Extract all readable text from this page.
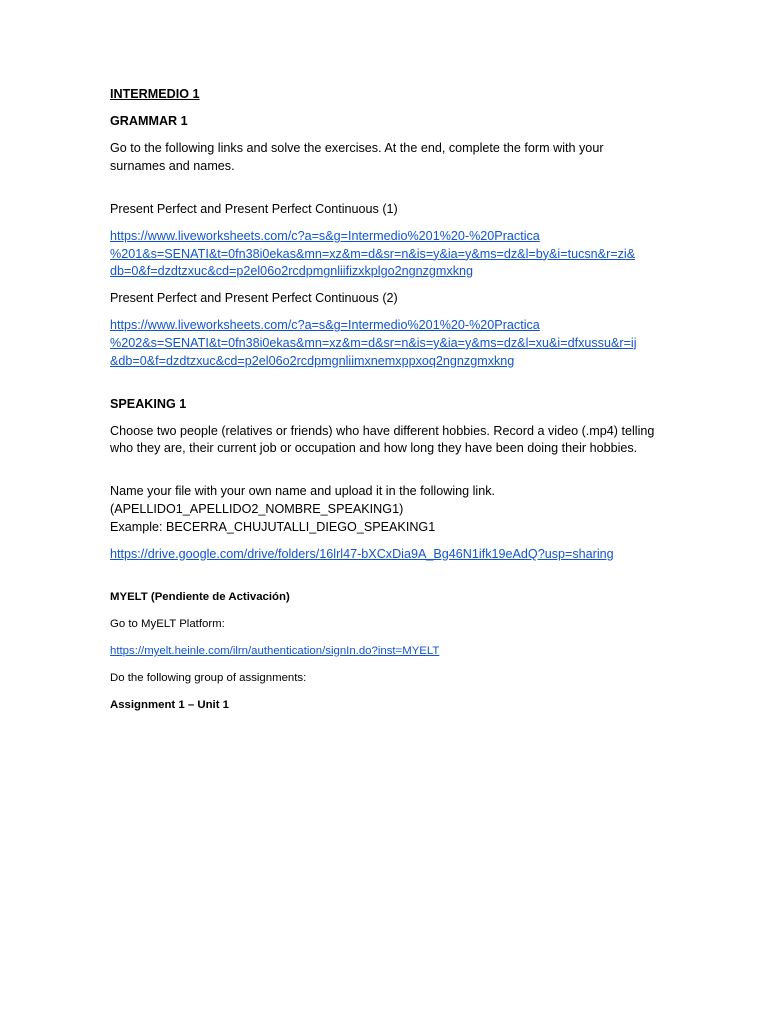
INTERMEDIO 1
GRAMMAR 1
Go to the following links and solve the exercises. At the end, complete the form with your surnames and names.
Present Perfect and Present Perfect Continuous (1)
https://www.liveworksheets.com/c?a=s&g=Intermedio%201%20-%20Practica
%201&s=SENATI&t=0fn38i0ekas&mn=xz&m=d&sr=n&is=y&ia=y&ms=dz&l=by&i=tucsn&r=zi&
db=0&f=dzdtzxuc&cd=p2el06o2rcdpmgnliifizxkplgo2ngnzgmxkng
Present Perfect and Present Perfect Continuous (2)
https://www.liveworksheets.com/c?a=s&g=Intermedio%201%20-%20Practica
%202&s=SENATI&t=0fn38i0ekas&mn=xz&m=d&sr=n&is=y&ia=y&ms=dz&l=xu&i=dfxussu&r=ij
&db=0&f=dzdtzxuc&cd=p2el06o2rcdpmgnliimxnemxppxoq2ngnzgmxkng
SPEAKING 1
Choose two people (relatives or friends) who have different hobbies. Record a video (.mp4) telling who they are, their current job or occupation and how long they have been doing their hobbies.
Name your file with your own name and upload it in the following link.
(APELLIDO1_APELLIDO2_NOMBRE_SPEAKING1)
Example: BECERRA_CHUJUTALLI_DIEGO_SPEAKING1
https://drive.google.com/drive/folders/16lrl47-bXCxDia9A_Bg46N1ifk19eAdQ?usp=sharing
MYELT (Pendiente de Activación)
Go to MyELT Platform:
https://myelt.heinle.com/ilrn/authentication/signIn.do?inst=MYELT
Do the following group of assignments:
Assignment 1 – Unit 1
